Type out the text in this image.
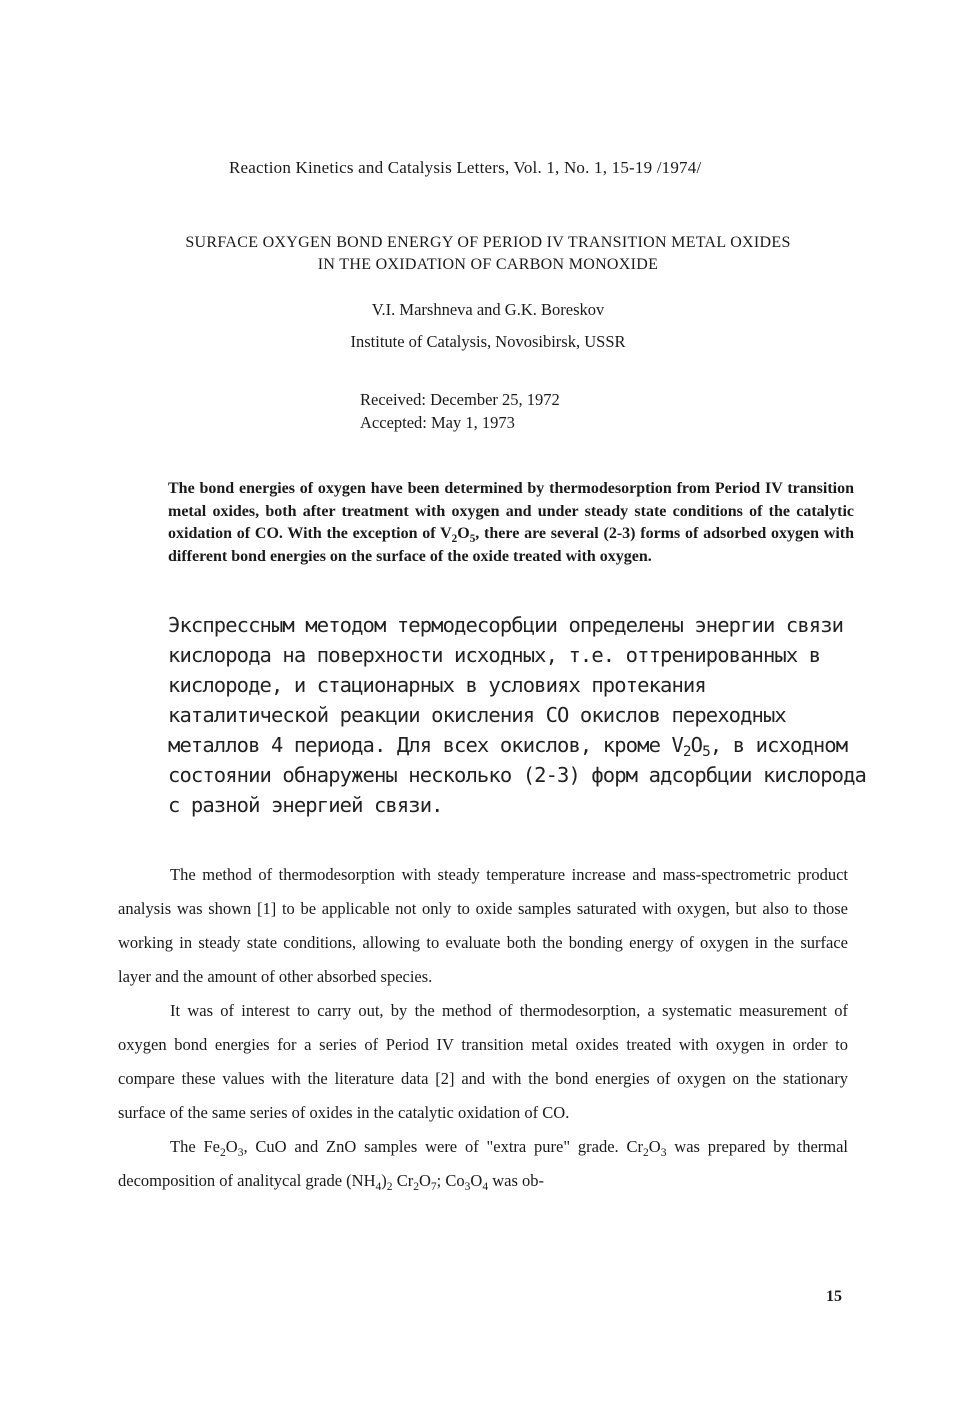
Reaction Kinetics and Catalysis Letters, Vol. 1, No. 1, 15-19 /1974/
SURFACE OXYGEN BOND ENERGY OF PERIOD IV TRANSITION METAL OXIDES
IN THE OXIDATION OF CARBON MONOXIDE
V.I. Marshneva and G.K. Boreskov
Institute of Catalysis, Novosibirsk, USSR
Received: December 25, 1972
Accepted: May 1, 1973
The bond energies of oxygen have been determined by thermodesorption from Period IV transition metal oxides, both after treatment with oxygen and under steady state conditions of the catalytic oxidation of CO. With the exception of $V_2O_5$, there are several (2-3) forms of adsorbed oxygen with different bond energies on the surface of the oxide treated with oxygen.
Экспрессным методом термодесорбции определены энергии связи кислорода на поверхности исходных, т.е. оттренированных в кислороде, и стационарных в условиях протекания каталитической реакции окисления CO окислов переходных металлов 4 периода. Для всех окислов, кроме $V_2O_5$, в исходном состоянии обнаружены несколько (2-3) форм адсорбции кислорода с разной энергией связи.

The method of thermodesorption with steady temperature increase and mass-spectrometric product analysis was shown [1] to be applicable not only to oxide samples saturated with oxygen, but also to those working in steady state conditions, allowing to evaluate both the bonding energy of oxygen in the surface layer and the amount of other absorbed species.

It was of interest to carry out, by the method of thermodesorption, a systematic measurement of oxygen bond energies for a series of Period IV transition metal oxides treated with oxygen in order to compare these values with the literature data [2] and with the bond energies of oxygen on the stationary surface of the same series of oxides in the catalytic oxidation of CO.

The $Fe_2O_3$, CuO and ZnO samples were of "extra pure" grade. $Cr_2O_3$ was prepared by thermal decomposition of analitycal grade $(NH_4)_2$ $Cr_2O_7$; $Co_3O_4$ was ob-

15
